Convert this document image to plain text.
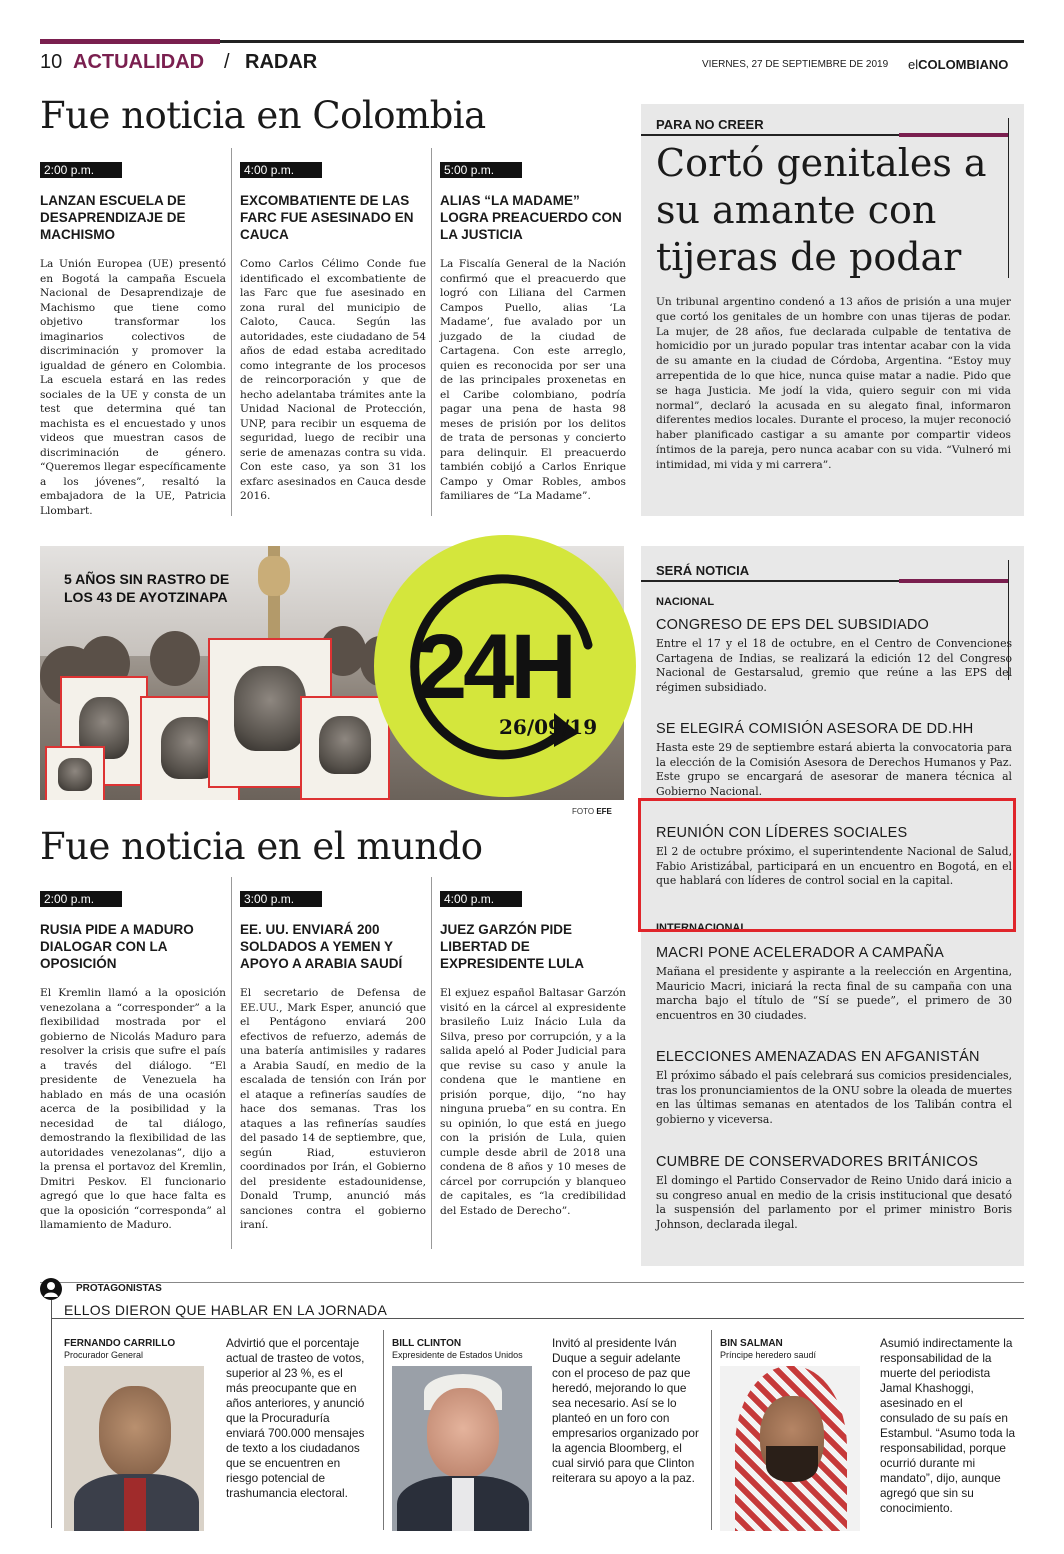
10 ACTUALIDAD / RADAR	VIERNES, 27 DE SEPTIEMBRE DE 2019 elCOLOMBIANO
Fue noticia en Colombia
2:00 p.m.
LANZAN ESCUELA DE DESAPRENDIZAJE DE MACHISMO
La Unión Europea (UE) presentó en Bogotá la campaña Escuela Nacional de Desaprendizaje de Machismo que tiene como objetivo transformar los imaginarios colectivos de discriminación y promover la igualdad de género en Colombia. La escuela estará en las redes sociales de la UE y consta de un test que determina qué tan machista es el encuestado y unos videos que muestran casos de discriminación de género. “Queremos llegar específicamente a los jóvenes”, resaltó la embajadora de la UE, Patricia Llombart.
4:00 p.m.
EXCOMBATIENTE DE LAS FARC FUE ASESINADO EN CAUCA
Como Carlos Célimo Conde fue identificado el excombatiente de las Farc que fue asesinado en zona rural del municipio de Caloto, Cauca. Según las autoridades, este ciudadano de 54 años de edad estaba acreditado como integrante de los procesos de reincorporación y que de hecho adelantaba trámites ante la Unidad Nacional de Protección, UNP, para recibir un esquema de seguridad, luego de recibir una serie de amenazas contra su vida. Con este caso, ya son 31 los exfarc asesinados en Cauca desde 2016.
5:00 p.m.
ALIAS “LA MADAME” LOGRA PREACUERDO CON LA JUSTICIA
La Fiscalía General de la Nación confirmó que el preacuerdo que logró con Liliana del Carmen Campos Puello, alias ‘La Madame’, fue avalado por un juzgado de la ciudad de Cartagena. Con este arreglo, quien es reconocida por ser una de las principales proxenetas en el Caribe colombiano, podría pagar una pena de hasta 98 meses de prisión por los delitos de trata de personas y concierto para delinquir. El preacuerdo también cobijó a Carlos Enrique Campo y Omar Robles, ambos familiares de “La Madame”.
PARA NO CREER
Cortó genitales a su amante con tijeras de podar
Un tribunal argentino condenó a 13 años de prisión a una mujer que cortó los genitales de un hombre con unas tijeras de podar. La mujer, de 28 años, fue declarada culpable de tentativa de homicidio por un jurado popular tras intentar acabar con la vida de su amante en la ciudad de Córdoba, Argentina. “Estoy muy arrepentida de lo que hice, nunca quise matar a nadie. Pido que se haga Justicia. Me jodí la vida, quiero seguir con mi vida normal”, declaró la acusada en su alegato final, informaron diferentes medios locales. Durante el proceso, la mujer reconoció haber planificado castigar a su amante por compartir videos íntimos de la pareja, pero nunca acabar con su vida. “Vulneró mi intimidad, mi vida y mi carrera”.
5 AÑOS SIN RASTRO DE LOS 43 DE AYOTZINAPA
24H
26/09/19
FOTO EFE
SERÁ NOTICIA
NACIONAL
CONGRESO DE EPS DEL SUBSIDIADO
Entre el 17 y el 18 de octubre, en el Centro de Convenciones Cartagena de Indias, se realizará la edición 12 del Congreso Nacional de Gestarsalud, gremio que reúne a las EPS del régimen subsidiado.
SE ELEGIRÁ COMISIÓN ASESORA DE DD.HH
Hasta este 29 de septiembre estará abierta la convocatoria para la elección de la Comisión Asesora de Derechos Humanos y Paz. Este grupo se encargará de asesorar de manera técnica al Gobierno Nacional.
REUNIÓN CON LÍDERES SOCIALES
El 2 de octubre próximo, el superintendente Nacional de Salud, Fabio Aristizábal, participará en un encuentro en Bogotá, en el que hablará con líderes de control social en la capital.
INTERNACIONAL
MACRI PONE ACELERADOR A CAMPAÑA
Mañana el presidente y aspirante a la reelección en Argentina, Mauricio Macri, iniciará la recta final de su campaña con una marcha bajo el título de “Sí se puede”, el primero de 30 encuentros en 30 ciudades.
ELECCIONES AMENAZADAS EN AFGANISTÁN
El próximo sábado el país celebrará sus comicios presidenciales, tras los pronunciamientos de la ONU sobre la oleada de muertes en las últimas semanas en atentados de los Talibán contra el gobierno y viceversa.
CUMBRE DE CONSERVADORES BRITÁNICOS
El domingo el Partido Conservador de Reino Unido dará inicio a su congreso anual en medio de la crisis institucional que desató la suspensión del parlamento por el primer ministro Boris Johnson, declarada ilegal.
Fue noticia en el mundo
2:00 p.m.
RUSIA PIDE A MADURO DIALOGAR CON LA OPOSICIÓN
El Kremlin llamó a la oposición venezolana a “corresponder” a la flexibilidad mostrada por el gobierno de Nicolás Maduro para resolver la crisis que sufre el país a través del diálogo. “El presidente de Venezuela ha hablado en más de una ocasión acerca de la posibilidad y la necesidad de tal diálogo, demostrando la flexibilidad de las autoridades venezolanas”, dijo a la prensa el portavoz del Kremlin, Dmitri Peskov. El funcionario agregó que lo que hace falta es que la oposición “corresponda” al llamamiento de Maduro.
3:00 p.m.
EE. UU. ENVIARÁ 200 SOLDADOS A YEMEN Y APOYO A ARABIA SAUDÍ
El secretario de Defensa de EE.UU., Mark Esper, anunció que el Pentágono enviará 200 efectivos de refuerzo, además de una batería antimisiles y radares a Arabia Saudí, en medio de la escalada de tensión con Irán por el ataque a refinerías saudíes de hace dos semanas. Tras los ataques a las refinerías saudíes del pasado 14 de septiembre, que, según Riad, estuvieron coordinados por Irán, el Gobierno del presidente estadounidense, Donald Trump, anunció más sanciones contra el gobierno iraní.
4:00 p.m.
JUEZ GARZÓN PIDE LIBERTAD DE EXPRESIDENTE LULA
El exjuez español Baltasar Garzón visitó en la cárcel al expresidente brasileño Luiz Inácio Lula da Silva, preso por corrupción, y a la salida apeló al Poder Judicial para que revise su caso y anule la condena que le mantiene en prisión porque, dijo, “no hay ninguna prueba” en su contra. En su opinión, lo que está en juego con la prisión de Lula, quien cumple desde abril de 2018 una condena de 8 años y 10 meses de cárcel por corrupción y blanqueo de capitales, es “la credibilidad del Estado de Derecho”.
PROTAGONISTAS
ELLOS DIERON QUE HABLAR EN LA JORNADA
FERNANDO CARRILLO
Procurador General
Advirtió que el porcentaje actual de trasteo de votos, superior al 23 %, es el más preocupante que en años anteriores, y anunció que la Procuraduría enviará 700.000 mensajes de texto a los ciudadanos que se encuentren en riesgo potencial de trashumancia electoral.
BILL CLINTON
Expresidente de Estados Unidos
Invitó al presidente Iván Duque a seguir adelante con el proceso de paz que heredó, mejorando lo que sea necesario. Así se lo planteó en un foro con empresarios organizado por la agencia Bloomberg, el cual sirvió para que Clinton reiterara su apoyo a la paz.
BIN SALMAN
Príncipe heredero saudí
Asumió indirectamente la responsabilidad de la muerte del periodista Jamal Khashoggi, asesinado en el consulado de su país en Estambul. “Asumo toda la responsabilidad, porque ocurrió durante mi mandato”, dijo, aunque agregó que sin su conocimiento.
